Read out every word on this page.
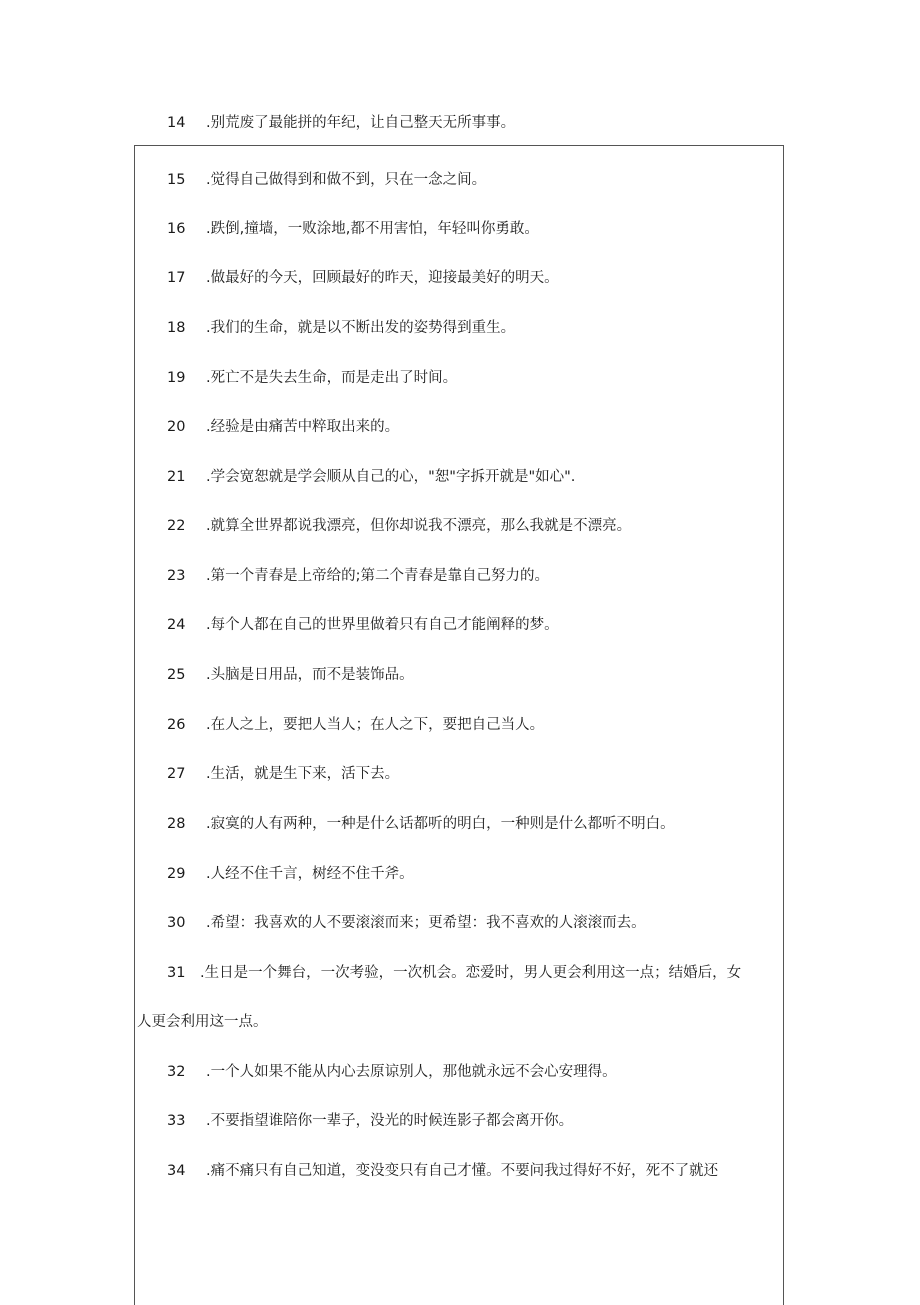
14	.别荒废了最能拼的年纪，让自己整天无所事事。
15	.觉得自己做得到和做不到，只在一念之间。
16	.跌倒,撞墙，一败涂地,都不用害怕，年轻叫你勇敢。
17	.做最好的今天，回顾最好的昨天，迎接最美好的明天。
18	.我们的生命，就是以不断出发的姿势得到重生。
19	.死亡不是失去生命，而是走出了时间。
20	.经验是由痛苦中粹取出来的。
21	.学会宽恕就是学会顺从自己的心，"恕"字拆开就是"如心".
22	.就算全世界都说我漂亮，但你却说我不漂亮，那么我就是不漂亮。
23	.第一个青春是上帝给的;第二个青春是靠自己努力的。
24	.每个人都在自己的世界里做着只有自己才能阐释的梦。
25	.头脑是日用品，而不是装饰品。
26	.在人之上，要把人当人；在人之下，要把自己当人。
27	.生活，就是生下来，活下去。
28	.寂寞的人有两种，一种是什么话都听的明白，一种则是什么都听不明白。
29	.人经不住千言，树经不住千斧。
30	.希望：我喜欢的人不要滚滚而来；更希望：我不喜欢的人滚滚而去。
31	.生日是一个舞台，一次考验，一次机会。恋爱时，男人更会利用这一点；结婚后，女
人更会利用这一点。
32	.一个人如果不能从内心去原谅别人，那他就永远不会心安理得。
33	.不要指望谁陪你一辈子，没光的时候连影子都会离开你。
34	.痛不痛只有自己知道，变没变只有自己才懂。不要问我过得好不好，死不了就还
